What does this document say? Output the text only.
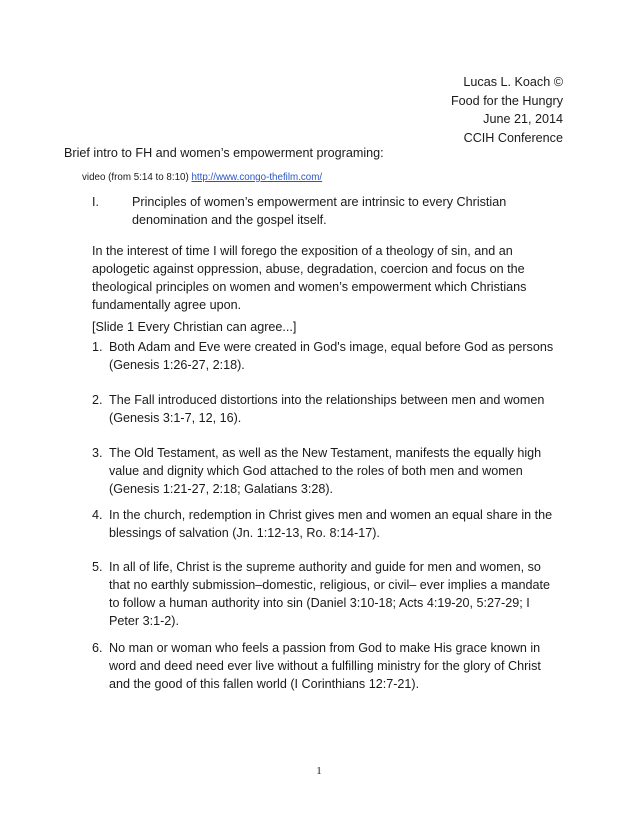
Lucas L. Koach ©
Food for the Hungry
June 21, 2014
CCIH Conference
Brief intro to FH and women’s empowerment programing:
video (from 5:14 to 8:10) http://www.congo-thefilm.com/
I.	Principles of women’s empowerment are intrinsic to every Christian denomination and the gospel itself.
In the interest of time I will forego the exposition of a theology of sin, and an apologetic against oppression, abuse, degradation, coercion and focus on the theological principles on women and women’s empowerment which Christians fundamentally agree upon.
[Slide 1 Every Christian can agree...]
1. Both Adam and Eve were created in God's image, equal before God as persons (Genesis 1:26-27, 2:18).
2. The Fall introduced distortions into the relationships between men and women (Genesis 3:1-7, 12, 16).
3. The Old Testament, as well as the New Testament, manifests the equally high value and dignity which God attached to the roles of both men and women (Genesis 1:21-27, 2:18; Galatians 3:28).
4. In the church, redemption in Christ gives men and women an equal share in the blessings of salvation (Jn. 1:12-13, Ro. 8:14-17).
5. In all of life, Christ is the supreme authority and guide for men and women, so that no earthly submission–domestic, religious, or civil– ever implies a mandate to follow a human authority into sin (Daniel 3:10-18; Acts 4:19-20, 5:27-29; I Peter 3:1-2).
6. No man or woman who feels a passion from God to make His grace known in word and deed need ever live without a fulfilling ministry for the glory of Christ and the good of this fallen world (I Corinthians 12:7-21).
1
